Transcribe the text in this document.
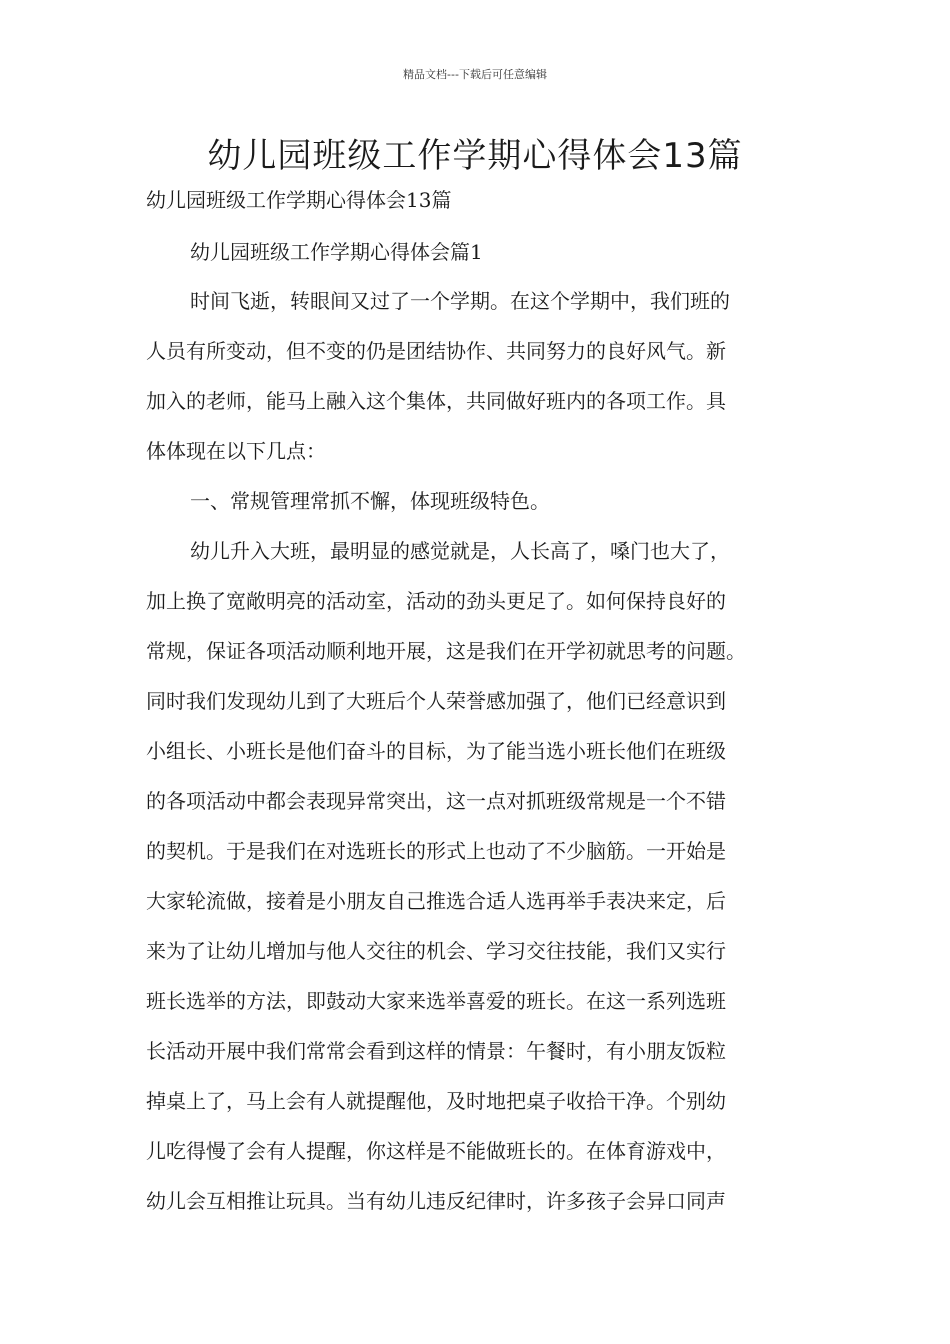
精品文档---下载后可任意编辑
幼儿园班级工作学期心得体会13篇
幼儿园班级工作学期心得体会13篇
幼儿园班级工作学期心得体会篇1
时间飞逝，转眼间又过了一个学期。在这个学期中，我们班的
人员有所变动，但不变的仍是团结协作、共同努力的良好风气。新
加入的老师，能马上融入这个集体，共同做好班内的各项工作。具
体体现在以下几点：
一、常规管理常抓不懈，体现班级特色。
幼儿升入大班，最明显的感觉就是，人长高了，嗓门也大了，
加上换了宽敞明亮的活动室，活动的劲头更足了。如何保持良好的
常规，保证各项活动顺利地开展，这是我们在开学初就思考的问题。
同时我们发现幼儿到了大班后个人荣誉感加强了，他们已经意识到
小组长、小班长是他们奋斗的目标，为了能当选小班长他们在班级
的各项活动中都会表现异常突出，这一点对抓班级常规是一个不错
的契机。于是我们在对选班长的形式上也动了不少脑筋。一开始是
大家轮流做，接着是小朋友自己推选合适人选再举手表决来定，后
来为了让幼儿增加与他人交往的机会、学习交往技能，我们又实行
班长选举的方法，即鼓动大家来选举喜爱的班长。在这一系列选班
长活动开展中我们常常会看到这样的情景：午餐时，有小朋友饭粒
掉桌上了，马上会有人就提醒他，及时地把桌子收拾干净。个别幼
儿吃得慢了会有人提醒，你这样是不能做班长的。在体育游戏中，
幼儿会互相推让玩具。当有幼儿违反纪律时，许多孩子会异口同声
